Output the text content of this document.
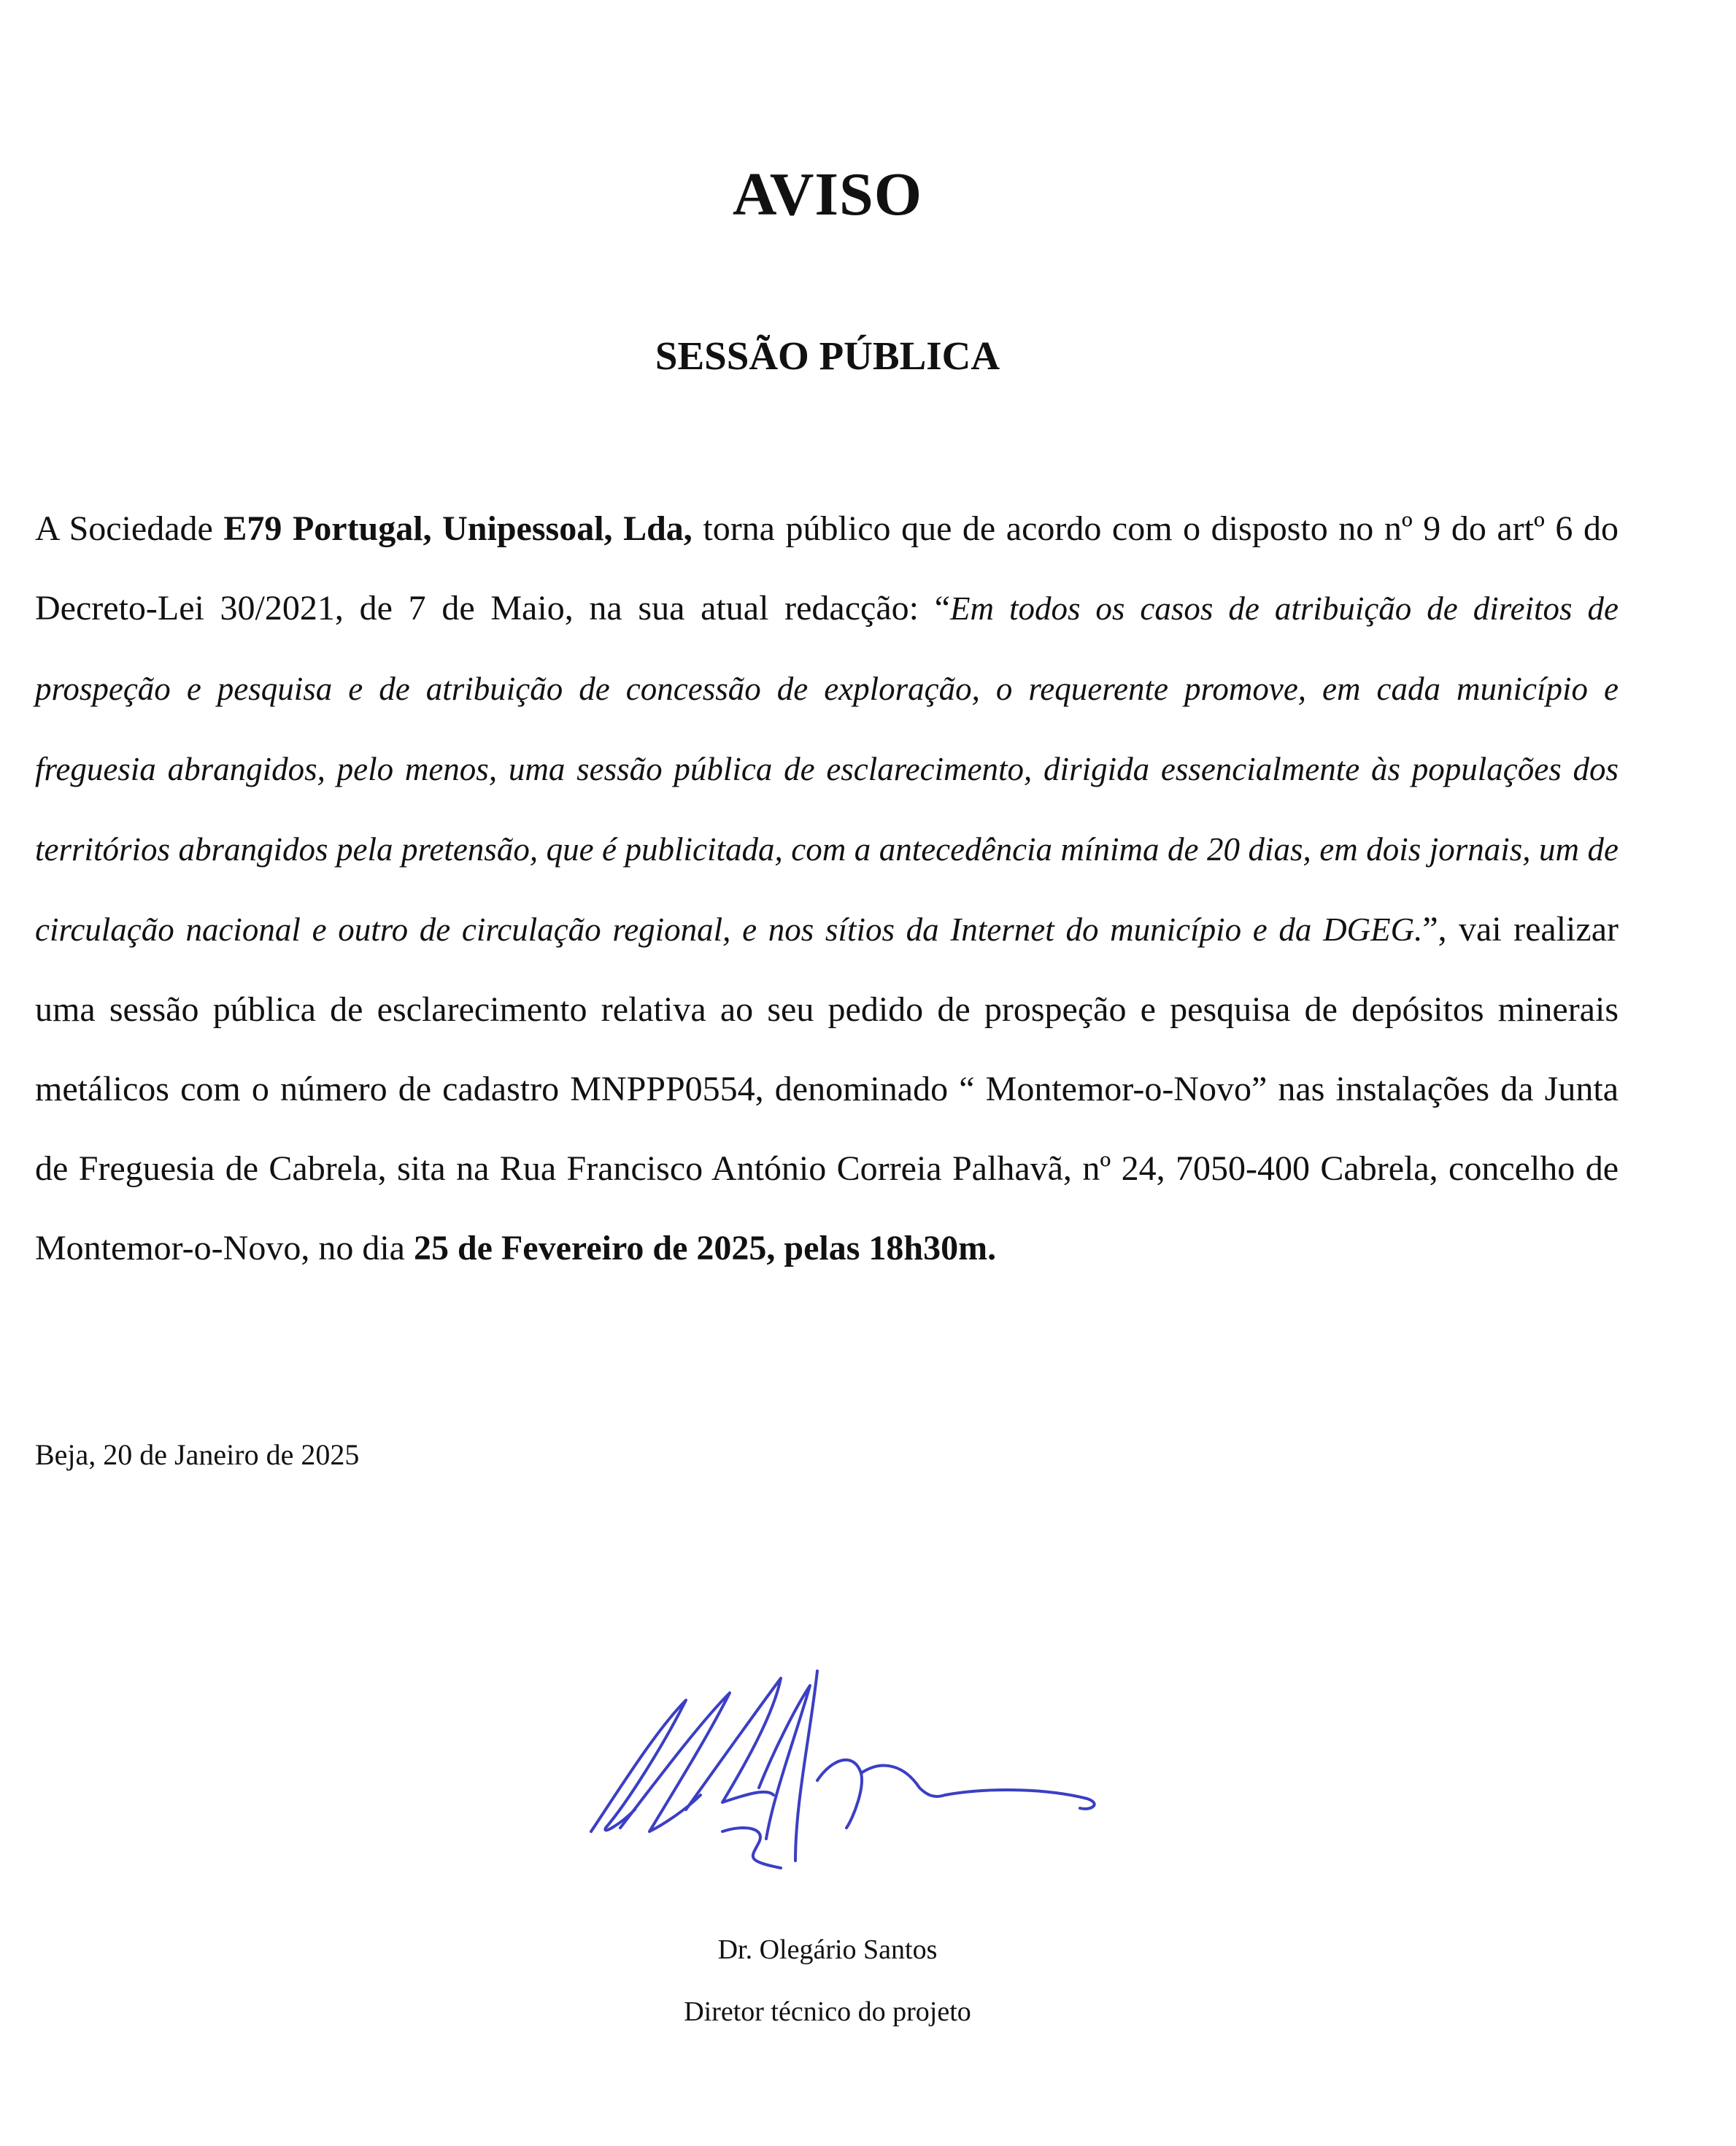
AVISO
SESSÃO PÚBLICA
A Sociedade E79 Portugal, Unipessoal, Lda, torna público que de acordo com o disposto no nº 9 do artº 6 do Decreto-Lei 30/2021, de 7 de Maio, na sua atual redacção: “Em todos os casos de atribuição de direitos de prospeção e pesquisa e de atribuição de concessão de exploração, o requerente promove, em cada município e freguesia abrangidos, pelo menos, uma sessão pública de esclarecimento, dirigida essencialmente às populações dos territórios abrangidos pela pretensão, que é publicitada, com a antecedência mínima de 20 dias, em dois jornais, um de circulação nacional e outro de circulação regional, e nos sítios da Internet do município e da DGEG.”, vai realizar uma sessão pública de esclarecimento relativa ao seu pedido de prospeção e pesquisa de depósitos minerais metálicos com o número de cadastro MNPPP0554, denominado “ Montemor-o-Novo” nas instalações da Junta de Freguesia de Cabrela, sita na Rua Francisco António Correia Palhavã, nº 24, 7050-400 Cabrela, concelho de Montemor-o-Novo, no dia 25 de Fevereiro de 2025, pelas 18h30m.
Beja, 20 de Janeiro de 2025
Dr. Olegário Santos
Diretor técnico do projeto
